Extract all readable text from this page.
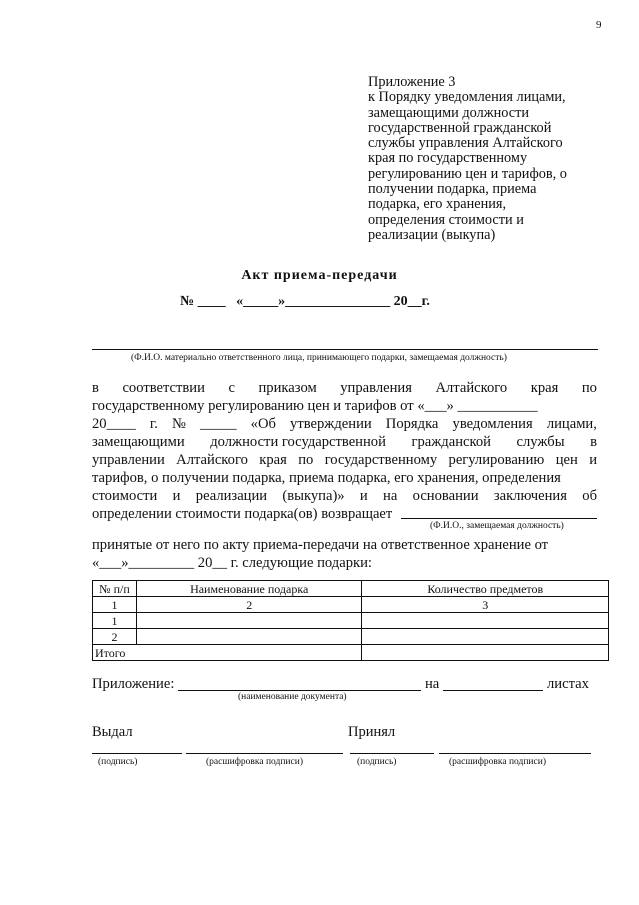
9
Приложение 3
к Порядку уведомления лицами,
замещающими должности
государственной гражданской
службы управления Алтайского
края по государственному
регулированию цен и тарифов, о
получении подарка, приема
подарка, его хранения,
определения стоимости и
реализации (выкупа)
Акт приема-передачи
№ ____   «_____»_______________ 20__г.
(Ф.И.О. материально ответственного лица, принимающего подарки, замещаемая должность)
в соответствии с приказом управления Алтайского края по
государственному регулированию цен и тарифов от «___» ___________
20____ г. № _____ «Об утверждении Порядка уведомления лицами,
замещающими должности государственной гражданской службы в
управлении Алтайского края по государственному регулированию цен и
тарифов, о получении подарка, приема подарка, его хранения, определения
стоимости и реализации (выкупа)» и на основании заключения об
определении стоимости подарка(ов) возвращает
(Ф.И.О., замещаемая должность)
принятые от него по акту приема-передачи на ответственное хранение от
«___»_________ 20__ г. следующие подарки:
№ п/п	Наименование подарка	Количество предметов
1	2	3
1		
2		
Итого		
Приложение:	на	листах
(наименование документа)
Выдал	Принял
(подпись)	(расшифровка подписи)	(подпись)	(расшифровка подписи)
